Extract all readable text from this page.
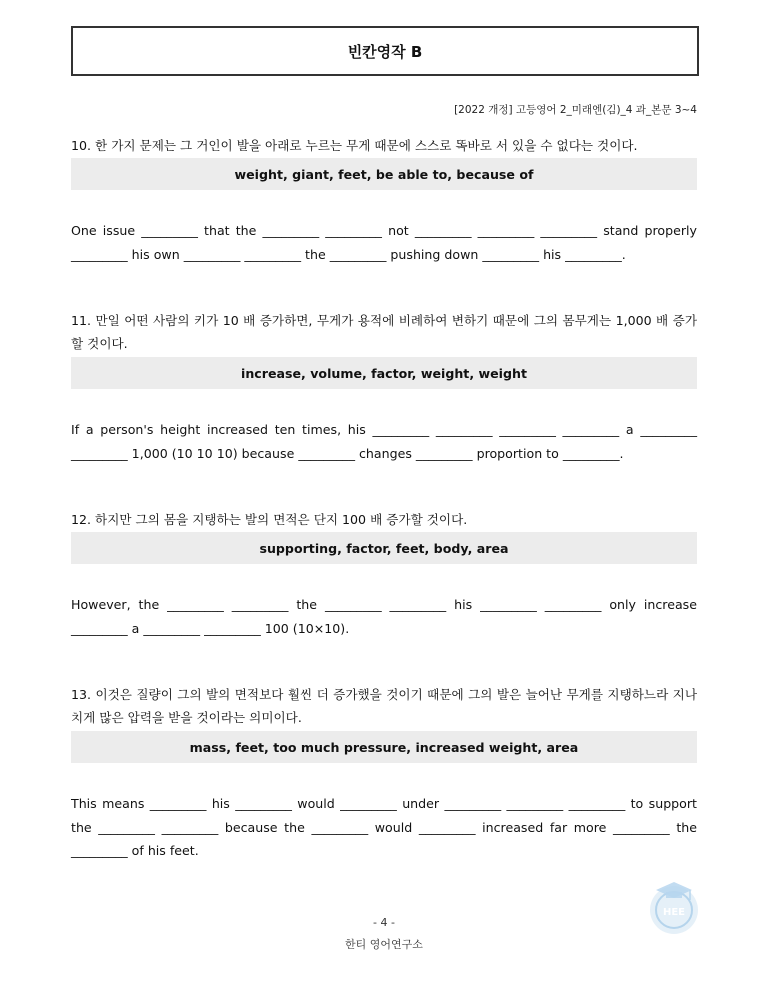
빈칸영작 B
[2022 개정] 고등영어 2_미래엔(김)_4 과_본문 3~4
10. 한 가지 문제는 그 거인이 발을 아래로 누르는 무게 때문에 스스로 똑바로 서 있을 수 없다는 것이다.
weight, giant, feet, be able to, because of
One issue _________ that the _________ _________ not _________ _________ _________ stand properly _________ his own _________ _________ the _________ pushing down _________ his _________.
11. 만일 어떤 사람의 키가 10 배 증가하면, 무게가 용적에 비례하여 변하기 때문에 그의 몸무게는 1,000 배 증가할 것이다.
increase, volume, factor, weight, weight
If a person's height increased ten times, his _________ _________ _________ _________ a _________ _________ 1,000 (10 10 10) because _________ changes _________ proportion to _________.
12. 하지만 그의 몸을 지탱하는 발의 면적은 단지 100 배 증가할 것이다.
supporting, factor, feet, body, area
However, the _________ _________ the _________ _________ his _________ _________ only increase _________ a _________ _________ 100 (10×10).
13. 이것은 질량이 그의 발의 면적보다 훨씬 더 증가했을 것이기 때문에 그의 발은 늘어난 무게를 지탱하느라 지나치게 많은 압력을 받을 것이라는 의미이다.
mass, feet, too much pressure, increased weight, area
This means _________ his _________ would _________ under _________ _________ _________ to support the _________ _________ because the _________ would _________ increased far more _________ the _________ of his feet.
- 4 -
한티 영어연구소
HEE
